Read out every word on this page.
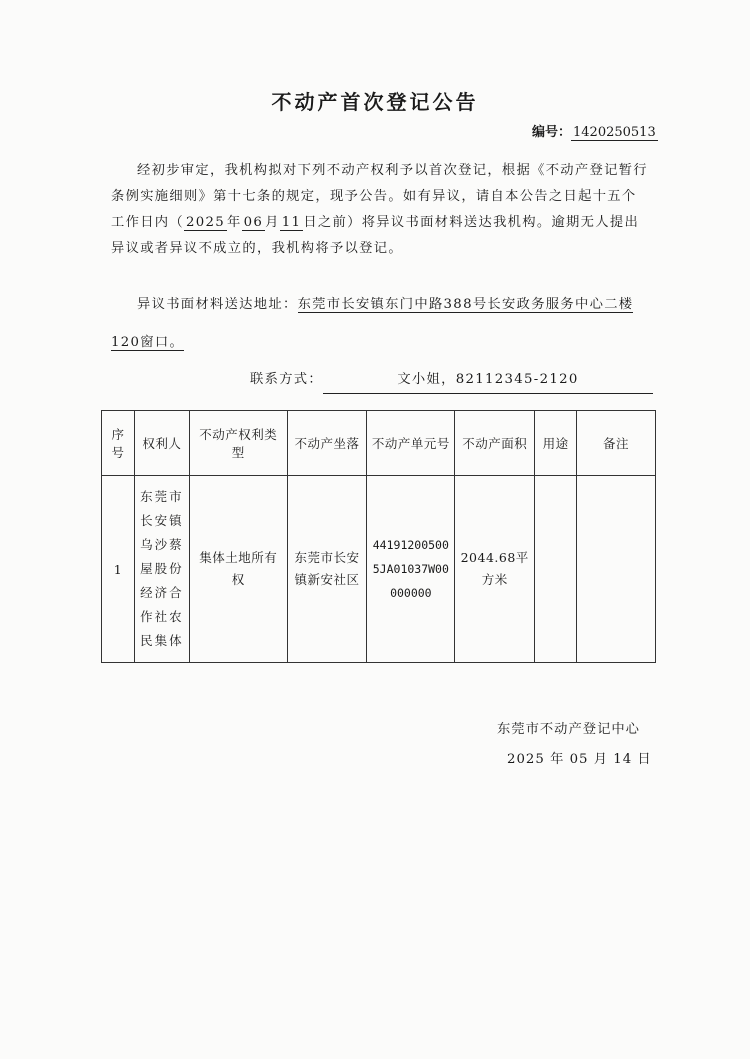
不动产首次登记公告
编号： 1420250513
经初步审定，我机构拟对下列不动产权利予以首次登记，根据《不动产登记暂行条例实施细则》第十七条的规定，现予公告。如有异议，请自本公告之日起十五个工作日内（ 2025 年 06 月 11 日之前）将异议书面材料送达我机构。逾期无人提出异议或者异议不成立的，我机构将予以登记。
异议书面材料送达地址：东莞市长安镇东门中路388号长安政务服务中心二楼120窗口。
联系方式：	文小姐，82112345-2120
序号	权利人	不动产权利类型	不动产坐落	不动产单元号	不动产面积	用途	备注
1	东莞市长安镇乌沙蔡屋股份经济合作社农民集体	集体土地所有权	东莞市长安镇新安社区	441912005005JA01037W00000000	2044.68平方米		
东莞市不动产登记中心
2025 年 05 月 14 日
